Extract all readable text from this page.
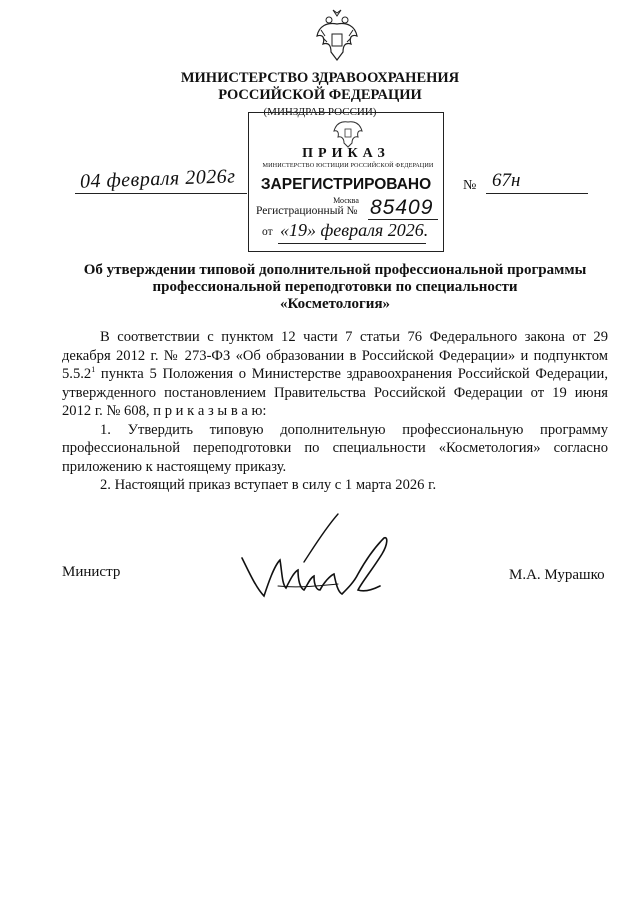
МИНИСТЕРСТВО ЗДРАВООХРАНЕНИЯ
РОССИЙСКОЙ ФЕДЕРАЦИИ
(МИНЗДРАВ РОССИИ)
ПРИКАЗ
МИНИСТЕРСТВО ЮСТИЦИИ РОССИЙСКОЙ ФЕДЕРАЦИИ
ЗАРЕГИСТРИРОВАНО
Москва
Регистрационный № 85409
от «19» февраля 2026.
04 февраля 2026г	№ 67н
Об утверждении типовой дополнительной профессиональной программы
профессиональной переподготовки по специальности
«Косметология»

В соответствии с пунктом 12 части 7 статьи 76 Федерального закона от 29 декабря 2012 г. № 273-ФЗ «Об образовании в Российской Федерации» и подпунктом 5.5.2$^1$ пункта 5 Положения о Министерстве здравоохранения Российской Федерации, утвержденного постановлением Правительства Российской Федерации от 19 июня 2012 г. № 608, п р и к а з ы в а ю:

1. Утвердить типовую дополнительную профессиональную программу профессиональной переподготовки по специальности «Косметология» согласно приложению к настоящему приказу.

2. Настоящий приказ вступает в силу с 1 марта 2026 г.

Министр	М.А. Мурашко
